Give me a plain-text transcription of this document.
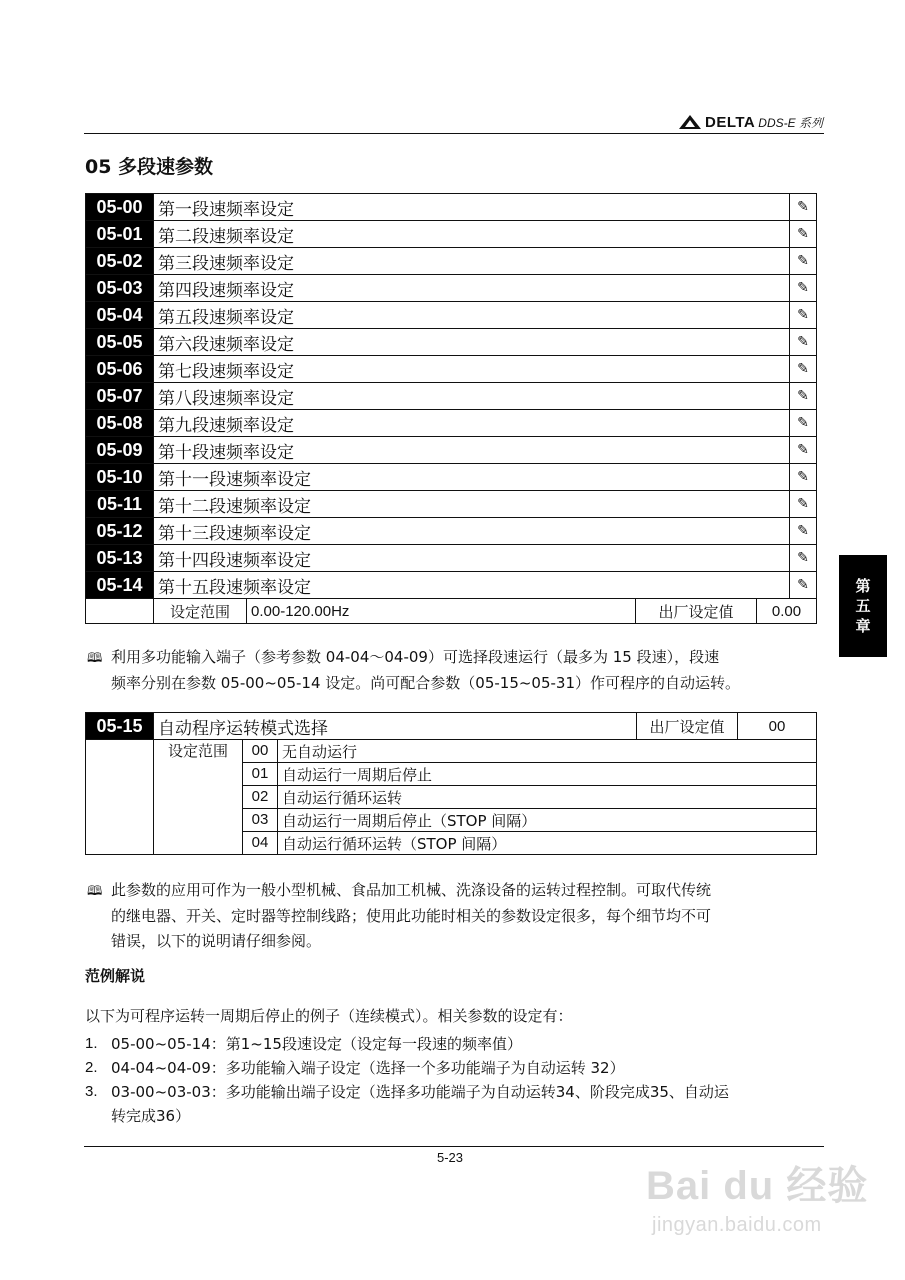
DELTA DDS-E 系列
05 多段速参数
05-00	第一段速频率设定				✎
05-01	第二段速频率设定				✎
05-02	第三段速频率设定				✎
05-03	第四段速频率设定				✎
05-04	第五段速频率设定				✎
05-05	第六段速频率设定				✎
05-06	第七段速频率设定				✎
05-07	第八段速频率设定				✎
05-08	第九段速频率设定				✎
05-09	第十段速频率设定				✎
05-10	第十一段速频率设定				✎
05-11	第十二段速频率设定				✎
05-12	第十三段速频率设定				✎
05-13	第十四段速频率设定				✎
05-14	第十五段速频率设定				✎
	设定范围	0.00-120.00Hz	出厂设定值	0.00	
🕮 利用多功能输入端子（参考参数 04-04～04-09）可选择段速运行（最多为 15 段速），段速
频率分别在参数 05-00~05-14 设定。尚可配合参数（05-15~05-31）作可程序的自动运转。
05-15	自动程序运转模式选择		出厂设定值	00
	设定范围	00 无自动运行		

		01 自动运行一周期后停止		

		02 自动运行循环运转		

		03 自动运行一周期后停止（STOP 间隔）		

		04 自动运行循环运转（STOP 间隔）		
🕮 此参数的应用可作为一般小型机械、食品加工机械、洗涤设备的运转过程控制。可取代传统
的继电器、开关、定时器等控制线路；使用此功能时相关的参数设定很多，每个细节均不可
错误，以下的说明请仔细参阅。
范例解说
以下为可程序运转一周期后停止的例子（连续模式）。相关参数的设定有：
1. 05-00~05-14：第1~15段速设定（设定每一段速的频率值）
2. 04-04~04-09：多功能输入端子设定（选择一个多功能端子为自动运转 32）
3. 03-00~03-03：多功能输出端子设定（选择多功能端子为自动运转34、阶段完成35、自动运
转完成36）
5-23
第
五
章
Bai du 经验
jingyan.baidu.com
